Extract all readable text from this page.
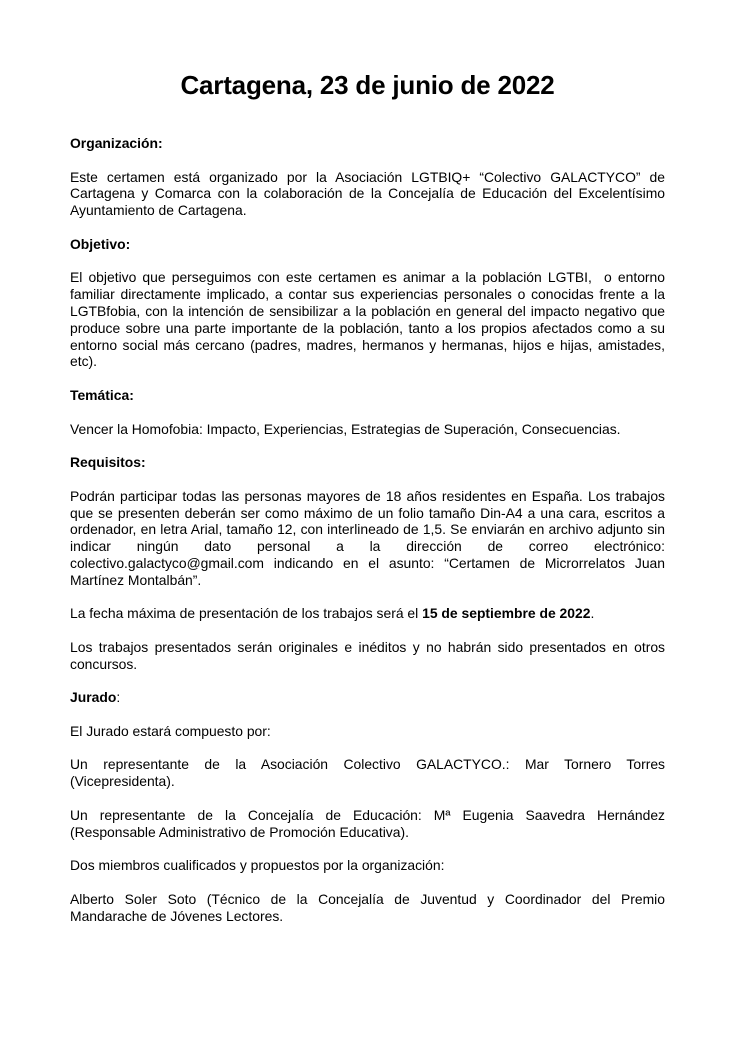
Cartagena, 23 de junio de 2022

Organización:

Este certamen está organizado por la Asociación LGTBIQ+ “Colectivo GALACTYCO” de Cartagena y Comarca con la colaboración de la Concejalía de Educación del Excelentísimo Ayuntamiento de Cartagena.

Objetivo:

El objetivo que perseguimos con este certamen es animar a la población LGTBI,  o entorno familiar directamente implicado, a contar sus experiencias personales o conocidas frente a la LGTBfobia, con la intención de sensibilizar a la población en general del impacto negativo que produce sobre una parte importante de la población, tanto a los propios afectados como a su entorno social más cercano (padres, madres, hermanos y hermanas, hijos e hijas, amistades, etc).

Temática:

Vencer la Homofobia: Impacto, Experiencias, Estrategias de Superación, Consecuencias.

Requisitos:

Podrán participar todas las personas mayores de 18 años residentes en España. Los trabajos que se presenten deberán ser como máximo de un folio tamaño Din-A4 a una cara, escritos a ordenador, en letra Arial, tamaño 12, con interlineado de 1,5. Se enviarán en archivo adjunto sin indicar ningún dato personal a la dirección de correo electrónico: colectivo.galactyco@gmail.com indicando en el asunto: “Certamen de Microrrelatos Juan Martínez Montalbán”.

La fecha máxima de presentación de los trabajos será el 15 de septiembre de 2022.

Los trabajos presentados serán originales e inéditos y no habrán sido presentados en otros concursos.

Jurado:

El Jurado estará compuesto por:

Un representante de la Asociación Colectivo GALACTYCO.: Mar Tornero Torres (Vicepresidenta).

Un representante de la Concejalía de Educación: Mª Eugenia Saavedra Hernández (Responsable Administrativo de Promoción Educativa).

Dos miembros cualificados y propuestos por la organización:

Alberto Soler Soto (Técnico de la Concejalía de Juventud y Coordinador del Premio Mandarache de Jóvenes Lectores.
